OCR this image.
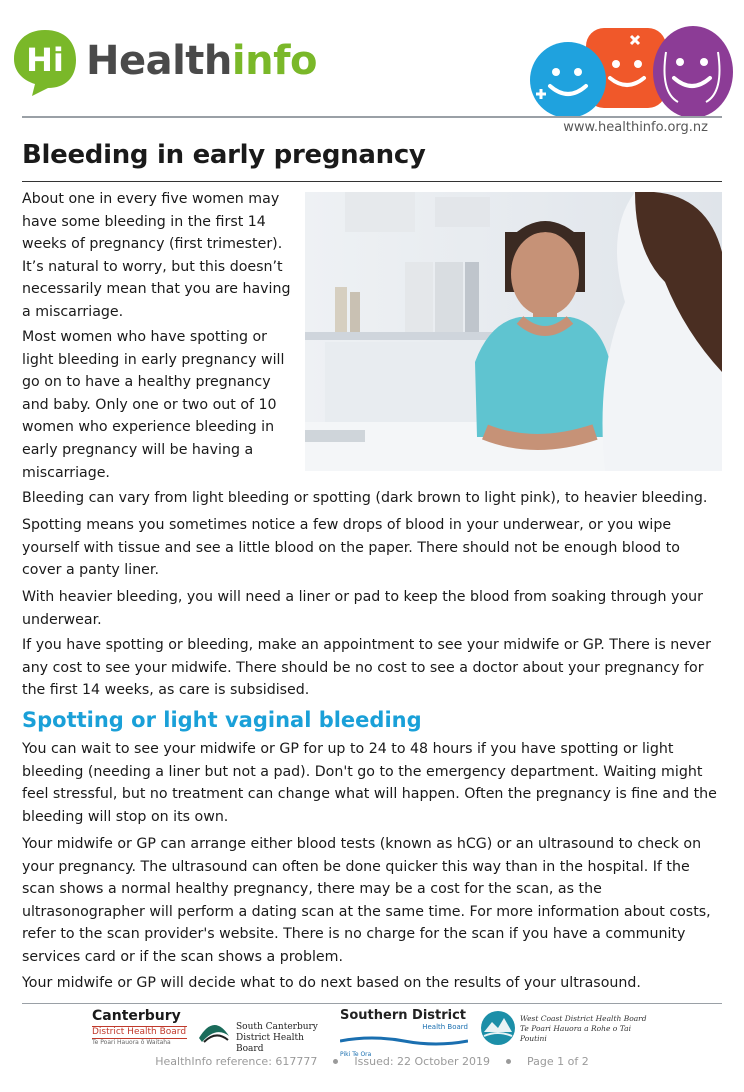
Hi Healthinfo
www.healthinfo.org.nz
Bleeding in early pregnancy

About one in every five women may have some bleeding in the first 14 weeks of pregnancy (first trimester). It’s natural to worry, but this doesn’t necessarily mean that you are having a miscarriage.

Most women who have spotting or light bleeding in early pregnancy will go on to have a healthy pregnancy and baby. Only one or two out of 10 women who experience bleeding in early pregnancy will be having a miscarriage.

Bleeding can vary from light bleeding or spotting (dark brown to light pink), to heavier bleeding.

Spotting means you sometimes notice a few drops of blood in your underwear, or you wipe yourself with tissue and see a little blood on the paper. There should not be enough blood to cover a panty liner.

With heavier bleeding, you will need a liner or pad to keep the blood from soaking through your underwear.

If you have spotting or bleeding, make an appointment to see your midwife or GP. There is never any cost to see your midwife. There should be no cost to see a doctor about your pregnancy for the first 14 weeks, as care is subsidised.

Spotting or light vaginal bleeding

You can wait to see your midwife or GP for up to 24 to 48 hours if you have spotting or light bleeding (needing a liner but not a pad). Don't go to the emergency department. Waiting might feel stressful, but no treatment can change what will happen. Often the pregnancy is fine and the bleeding will stop on its own.

Your midwife or GP can arrange either blood tests (known as hCG) or an ultrasound to check on your pregnancy. The ultrasound can often be done quicker this way than in the hospital. If the scan shows a normal healthy pregnancy, there may be a cost for the scan, as the ultrasonographer will perform a dating scan at the same time. For more information about costs, refer to the scan provider's website. There is no charge for the scan if you have a community services card or if the scan shows a problem.

Your midwife or GP will decide what to do next based on the results of your ultrasound.

Canterbury
District Health Board
Te Poari Hauora ō Waitaha
South Canterbury
District Health Board
Southern District
Health Board
Piki Te Ora
West Coast District Health Board
Te Poari Hauora a Rohe o Tai Poutini
HealthInfo reference: 617777	Issued: 22 October 2019	Page 1 of 2
